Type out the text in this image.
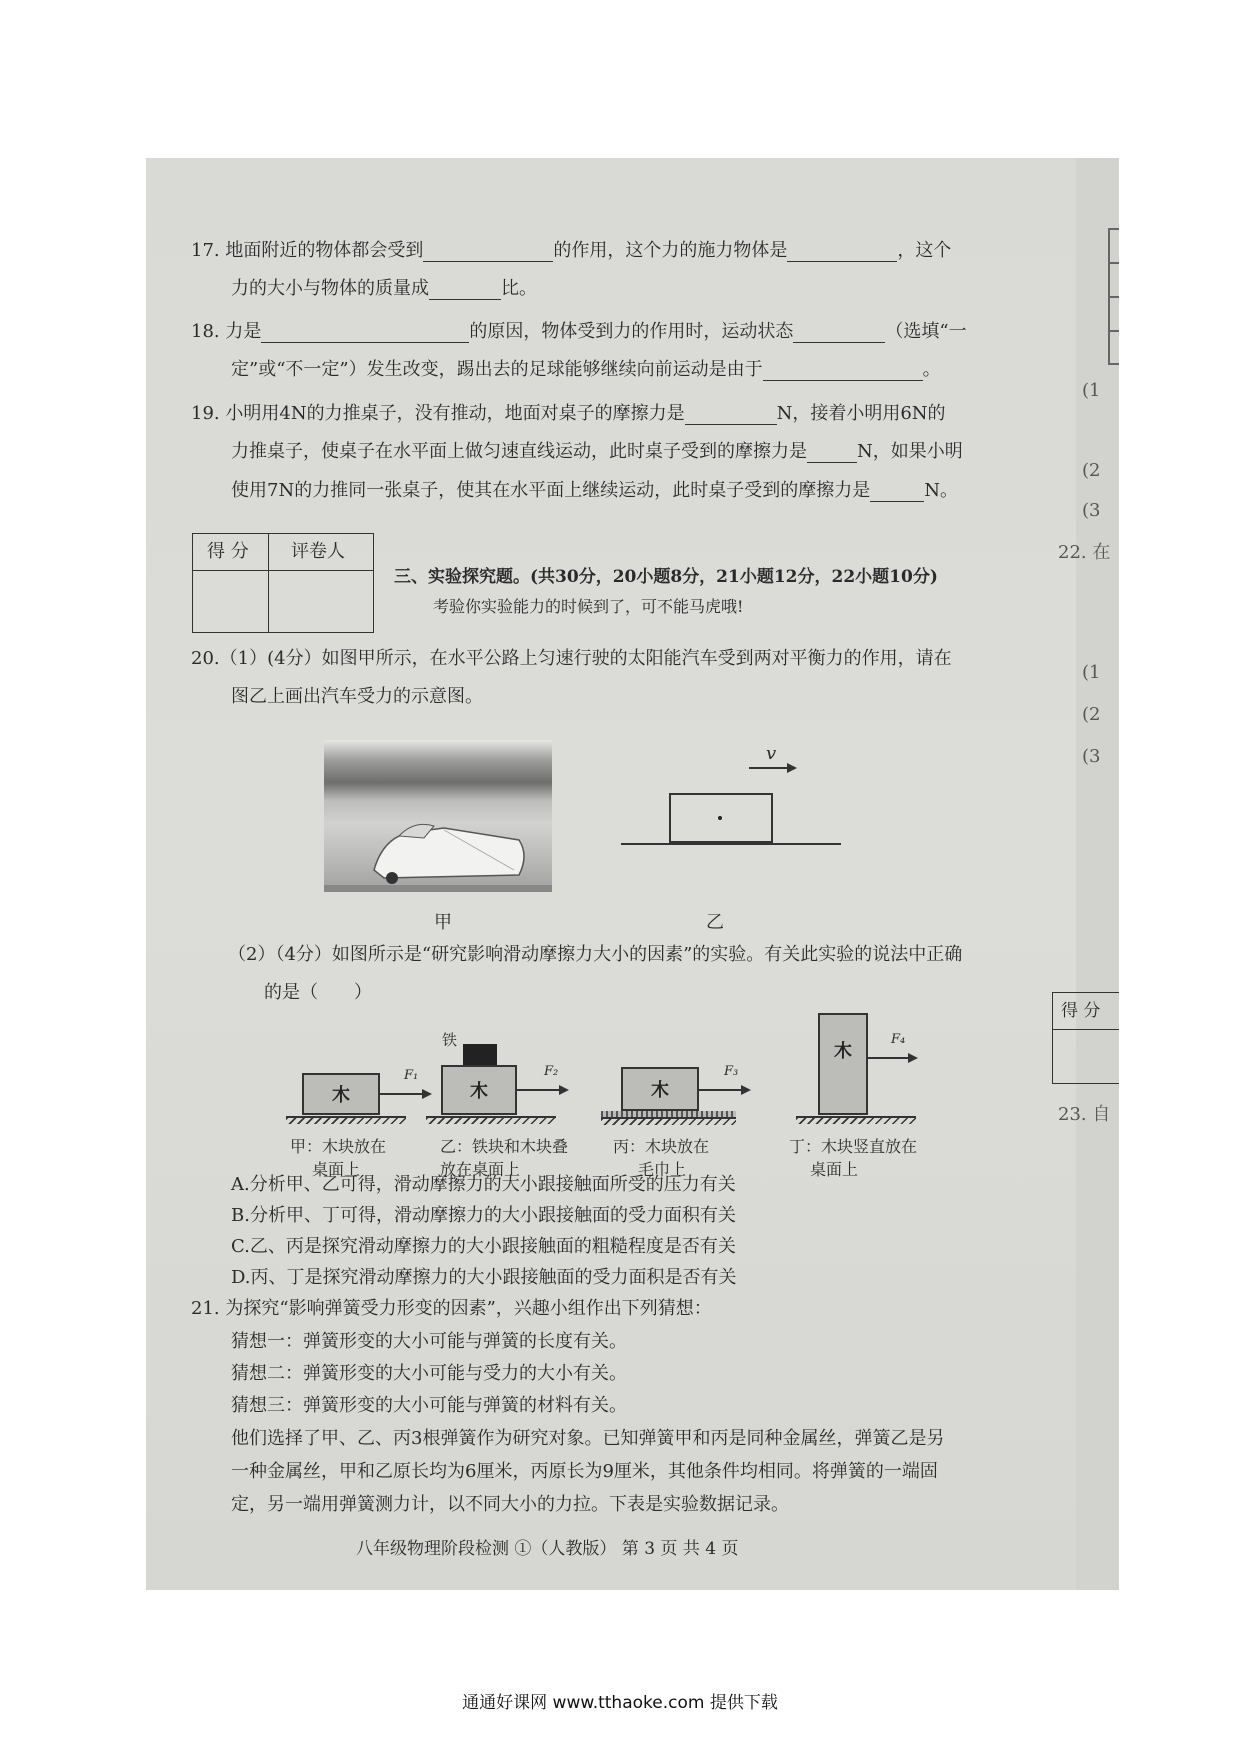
17. 地面附近的物体都会受到	的作用，这个力的施力物体是	，这个
力的大小与物体的质量成	比。
18. 力是	的原因，物体受到力的作用时，运动状态	（选填“一
定”或“不一定”）发生改变，踢出去的足球能够继续向前运动是由于	。
19. 小明用4N的力推桌子，没有推动，地面对桌子的摩擦力是	N，接着小明用6N的
力推桌子，使桌子在水平面上做匀速直线运动，此时桌子受到的摩擦力是	N，如果小明
使用7N的力推同一张桌子，使其在水平面上继续运动，此时桌子受到的摩擦力是	N。
得 分 评卷人
三、实验探究题。(共30分，20小题8分，21小题12分，22小题10分)
考验你实验能力的时候到了，可不能马虎哦!
20.（1）(4分）如图甲所示，在水平公路上匀速行驶的太阳能汽车受到两对平衡力的作用，请在
图乙上画出汽车受力的示意图。
甲
v
乙
（2）（4分）如图所示是“研究影响滑动摩擦力大小的因素”的实验。有关此实验的说法中正确
的是（　　）
木
F₁
铁
木
F₂
木
F₃
木
F₄
甲：木块放在
桌面上
乙：铁块和木块叠
放在桌面上
丙：木块放在
毛巾上
丁：木块竖直放在
桌面上
A.分析甲、乙可得，滑动摩擦力的大小跟接触面所受的压力有关
B.分析甲、丁可得，滑动摩擦力的大小跟接触面的受力面积有关
C.乙、丙是探究滑动摩擦力的大小跟接触面的粗糙程度是否有关
D.丙、丁是探究滑动摩擦力的大小跟接触面的受力面积是否有关
21. 为探究“影响弹簧受力形变的因素”，兴趣小组作出下列猜想：
猜想一：弹簧形变的大小可能与弹簧的长度有关。
猜想二：弹簧形变的大小可能与受力的大小有关。
猜想三：弹簧形变的大小可能与弹簧的材料有关。
他们选择了甲、乙、丙3根弹簧作为研究对象。已知弹簧甲和丙是同种金属丝，弹簧乙是另
一种金属丝，甲和乙原长均为6厘米，丙原长为9厘米，其他条件均相同。将弹簧的一端固
定，另一端用弹簧测力计，以不同大小的力拉。下表是实验数据记录。
八年级物理阶段检测 ①（人教版） 第 3 页 共 4 页
(1
(2
(3
22. 在
(1
(2
(3
得 分
23. 自
通通好课网 www.tthaoke.com 提供下载
